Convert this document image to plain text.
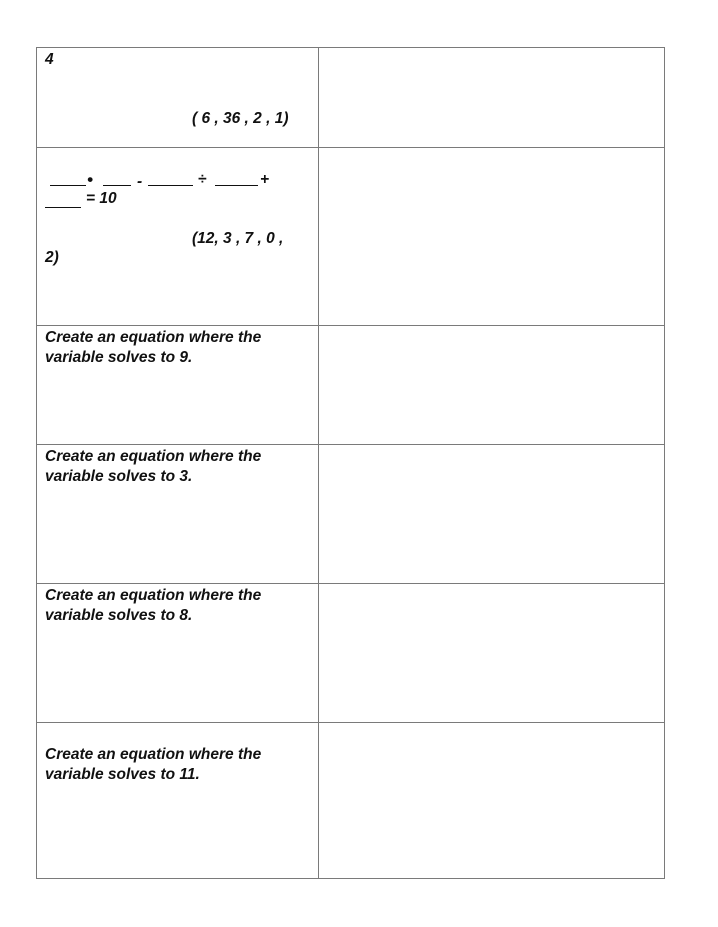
4
( 6 , 36 , 2 , 1)
•	-	÷	+
= 10
(12, 3 , 7 , 0 ,
2)
Create an equation where the variable solves to 9.
Create an equation where the variable solves to 3.
Create an equation where the variable solves to 8.
Create an equation where the variable solves to 11.
